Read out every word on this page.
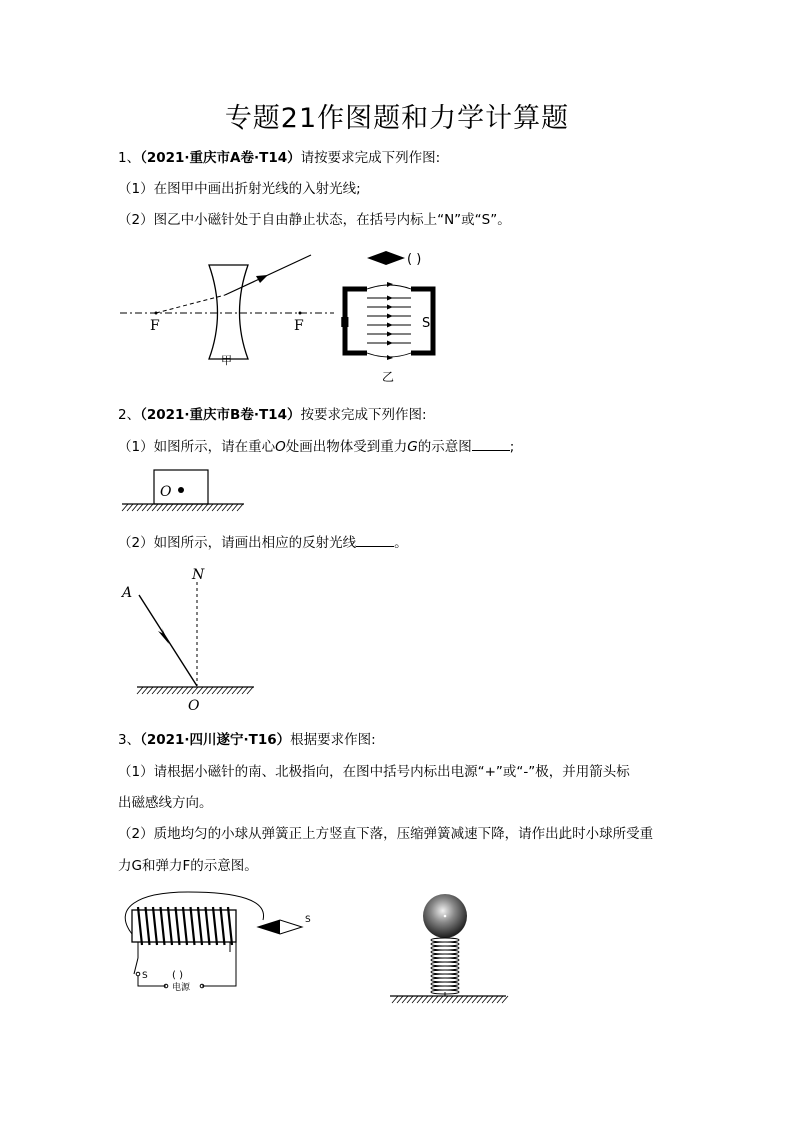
专题21作图题和力学计算题
1、（2021·重庆市A卷·T14）请按要求完成下列作图:
（1）在图甲中画出折射光线的入射光线;
（2）图乙中小磁针处于自由静止状态，在括号内标上“N”或“S”。
F	F
甲
( )
N	S
乙
2、（2021·重庆市B卷·T14）按要求完成下列作图:
（1）如图所示，请在重心O处画出物体受到重力G的示意图	;
O
（2）如图所示，请画出相应的反射光线	。
A
N
O
3、（2021·四川遂宁·T16）根据要求作图:
（1）请根据小磁针的南、北极指向，在图中括号内标出电源“+”或“-”极，并用箭头标
出磁感线方向。
（2）质地均匀的小球从弹簧正上方竖直下落，压缩弹簧减速下降，请作出此时小球所受重
力G和弹力F的示意图。
S ( )
电源
S
